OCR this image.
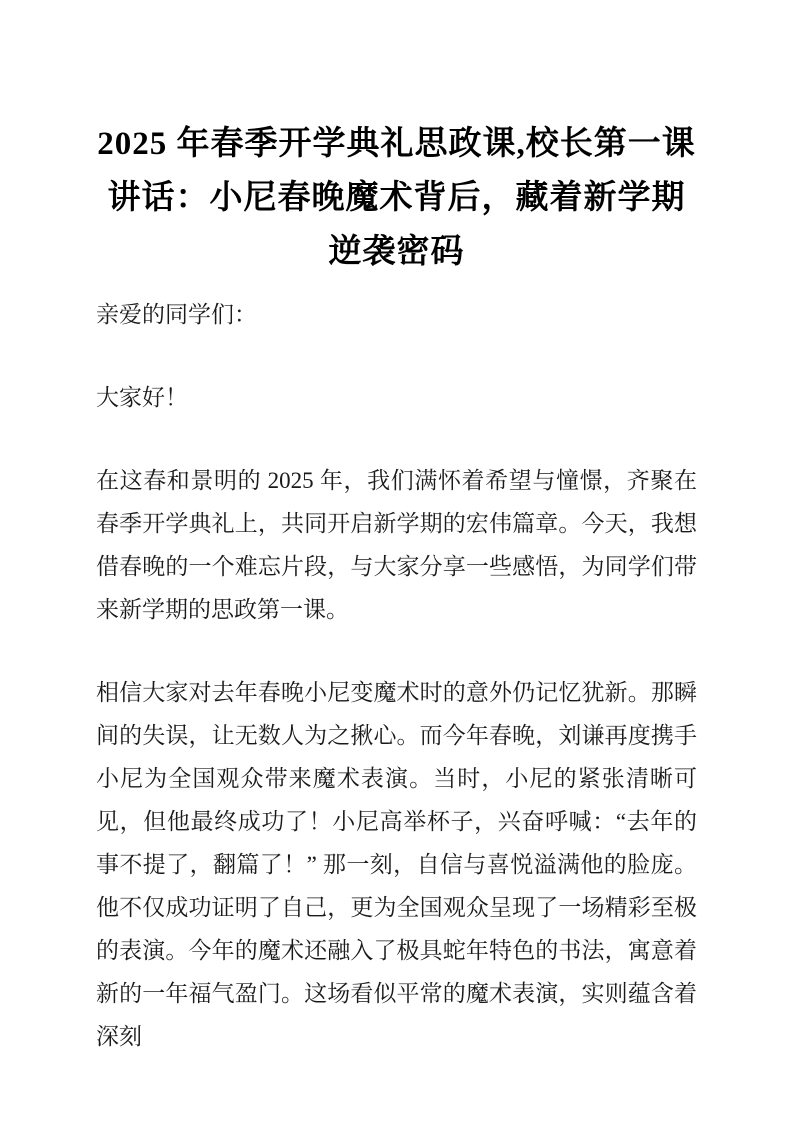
2025 年春季开学典礼思政课,校长第一课讲话：小尼春晚魔术背后，藏着新学期逆袭密码

亲爱的同学们：

大家好！

在这春和景明的 2025 年，我们满怀着希望与憧憬，齐聚在春季开学典礼上，共同开启新学期的宏伟篇章。今天，我想借春晚的一个难忘片段，与大家分享一些感悟，为同学们带来新学期的思政第一课。

相信大家对去年春晚小尼变魔术时的意外仍记忆犹新。那瞬间的失误，让无数人为之揪心。而今年春晚，刘谦再度携手小尼为全国观众带来魔术表演。当时，小尼的紧张清晰可见，但他最终成功了！小尼高举杯子，兴奋呼喊：“去年的事不提了，翻篇了！” 那一刻，自信与喜悦溢满他的脸庞。他不仅成功证明了自己，更为全国观众呈现了一场精彩至极的表演。今年的魔术还融入了极具蛇年特色的书法，寓意着新的一年福气盈门。这场看似平常的魔术表演，实则蕴含着深刻
